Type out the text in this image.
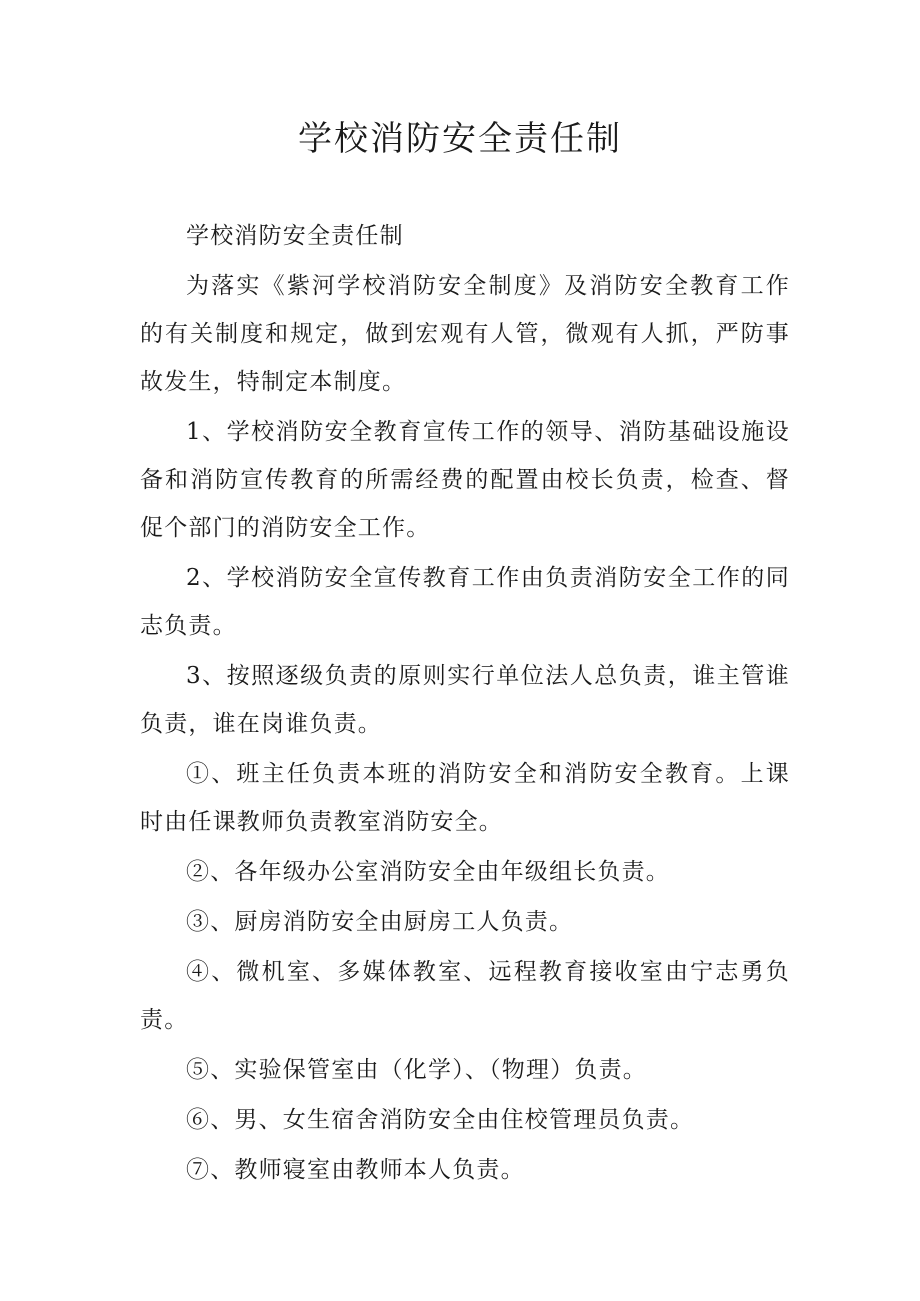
学校消防安全责任制

学校消防安全责任制

为落实《紫河学校消防安全制度》及消防安全教育工作的有关制度和规定，做到宏观有人管，微观有人抓，严防事故发生，特制定本制度。

1、学校消防安全教育宣传工作的领导、消防基础设施设备和消防宣传教育的所需经费的配置由校长负责，检查、督促个部门的消防安全工作。

2、学校消防安全宣传教育工作由负责消防安全工作的同志负责。

3、按照逐级负责的原则实行单位法人总负责，谁主管谁负责，谁在岗谁负责。

①、班主任负责本班的消防安全和消防安全教育。上课时由任课教师负责教室消防安全。

②、各年级办公室消防安全由年级组长负责。

③、厨房消防安全由厨房工人负责。

④、微机室、多媒体教室、远程教育接收室由宁志勇负责。

⑤、实验保管室由（化学）、（物理）负责。

⑥、男、女生宿舍消防安全由住校管理员负责。

⑦、教师寝室由教师本人负责。
